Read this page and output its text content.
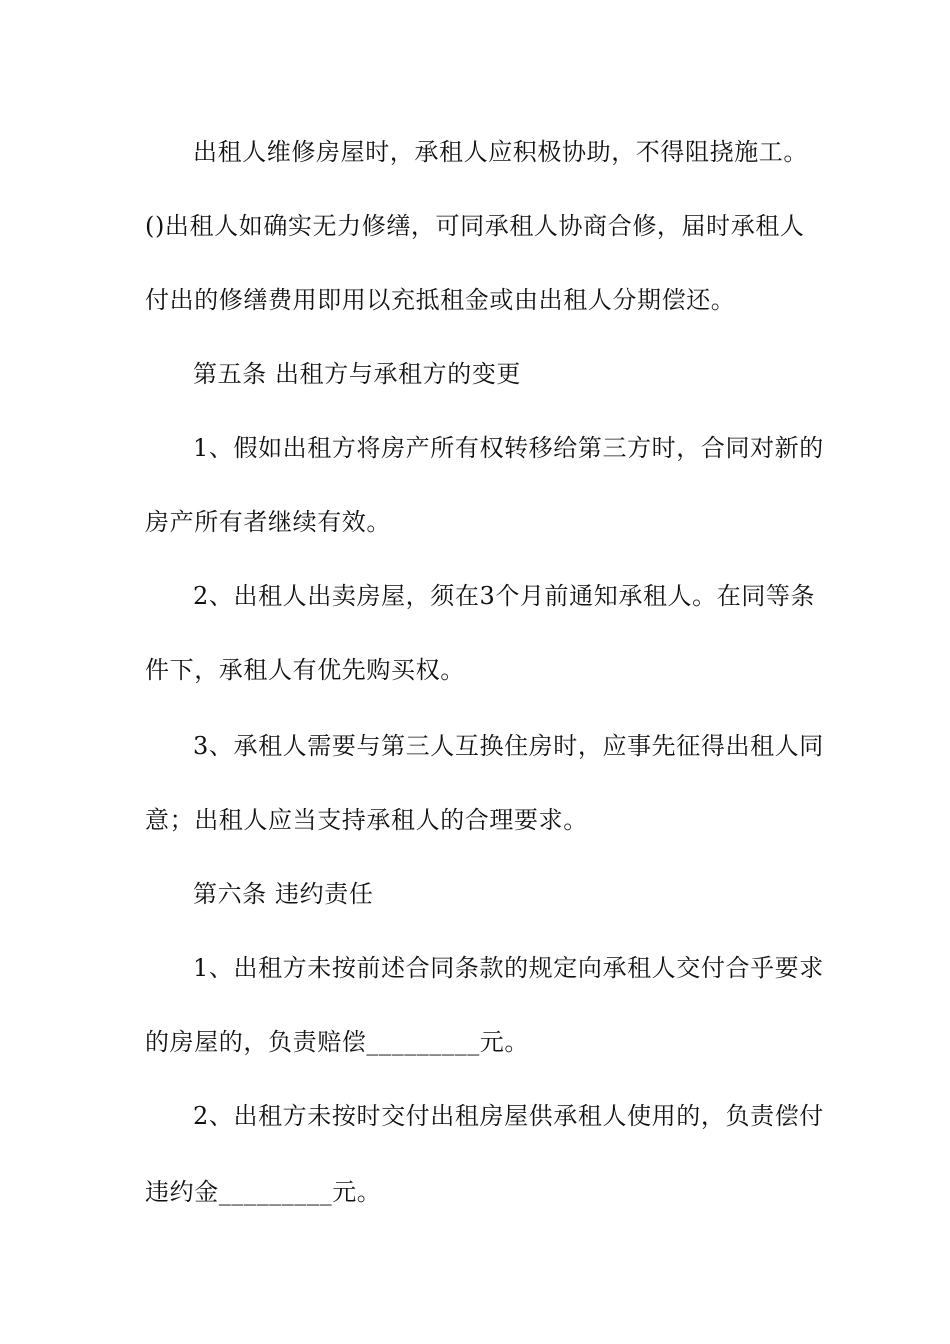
出租人维修房屋时，承租人应积极协助，不得阻挠施工。
()出租人如确实无力修缮，可同承租人协商合修，届时承租人
付出的修缮费用即用以充抵租金或由出租人分期偿还。
第五条 出租方与承租方的变更
1、假如出租方将房产所有权转移给第三方时，合同对新的
房产所有者继续有效。
2、出租人出卖房屋，须在3个月前通知承租人。在同等条
件下，承租人有优先购买权。
3、承租人需要与第三人互换住房时，应事先征得出租人同
意；出租人应当支持承租人的合理要求。
第六条 违约责任
1、出租方未按前述合同条款的规定向承租人交付合乎要求
的房屋的，负责赔偿_________元。
2、出租方未按时交付出租房屋供承租人使用的，负责偿付
违约金_________元。
